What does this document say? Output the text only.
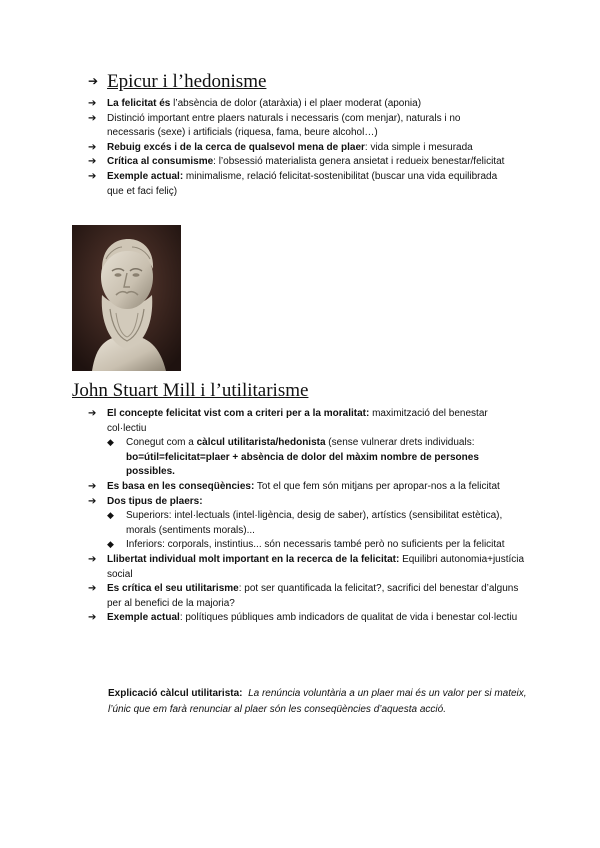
➔ Epicur i l’hedonisme
➔ La felicitat és l’absència de dolor (ataràxia) i el plaer moderat (aponia)
➔ Distinció important entre plaers naturals i necessaris (com menjar), naturals i no necessaris (sexe) i artificials (riquesa, fama, beure alcohol…)
➔ Rebuig excés i de la cerca de qualsevol mena de plaer: vida simple i mesurada
➔ Crítica al consumisme: l’obsessió materialista genera ansietat i redueix benestar/felicitat
➔ Exemple actual: minimalisme, relació felicitat-sostenibilitat (buscar una vida equilibrada que et faci feliç)
John Stuart Mill i l’utilitarisme
➔ El concepte felicitat vist com a criteri per a la moralitat: maximització del benestar col·lectiu
◆ Conegut com a càlcul utilitarista/hedonista (sense vulnerar drets individuals: bo=útil=felicitat=plaer + absència de dolor del màxim nombre de persones possibles.
➔ Es basa en les conseqüències: Tot el que fem són mitjans per apropar-nos a la felicitat
➔ Dos tipus de plaers:
◆ Superiors: intel·lectuals (intel·ligència, desig de saber), artístics (sensibilitat estètica), morals (sentiments morals)...
◆ Inferiors: corporals, instintius... són necessaris també però no suficients per la felicitat
➔ Llibertat individual molt important en la recerca de la felicitat: Equilibri autonomia+justícia social
➔ Es crítica el seu utilitarisme: pot ser quantificada la felicitat?, sacrifici del benestar d’alguns per al benefici de la majoria?
➔ Exemple actual: polítiques públiques amb indicadors de qualitat de vida i benestar col·lectiu
Explicació càlcul utilitarista: La renúncia voluntària a un plaer mai és un valor per si mateix, l’únic que em farà renunciar al plaer són les conseqüències d’aquesta acció.
